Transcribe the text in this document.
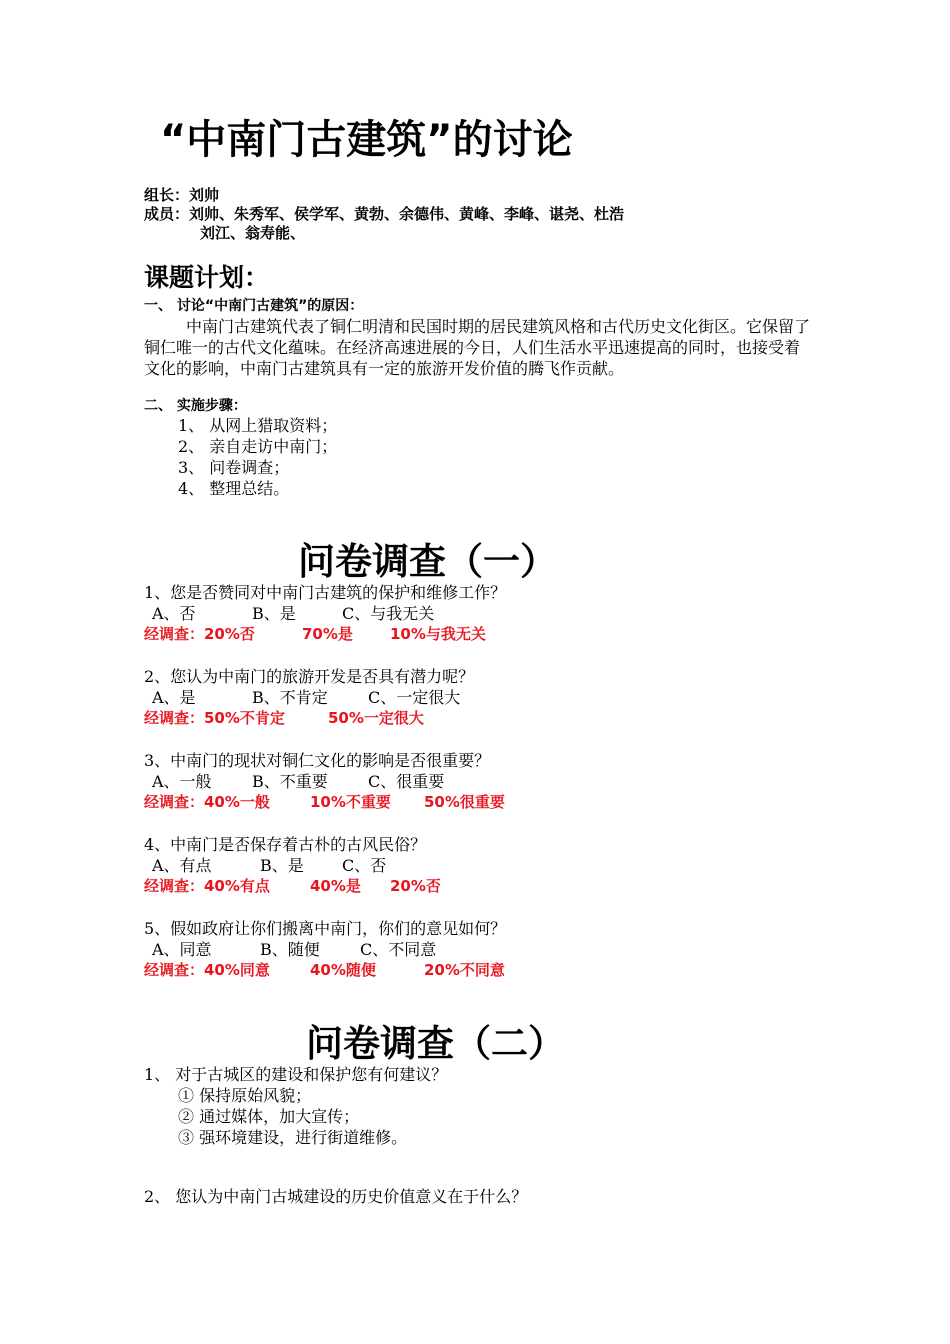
“中南门古建筑”的讨论
组长：刘帅
成员：刘帅、朱秀军、侯学军、黄勃、余德伟、黄峰、李峰、谌尧、杜浩
刘江、翁寿能、
课题计划：
一、 讨论“中南门古建筑”的原因：

中南门古建筑代表了铜仁明清和民国时期的居民建筑风格和古代历史文化街区。它保留了铜仁唯一的古代文化蕴味。在经济高速进展的今日，人们生活水平迅速提高的同时，也接受着文化的影响，中南门古建筑具有一定的旅游开发价值的腾飞作贡献。

二、 实施步骤：
1、 从网上猎取资料；
2、 亲自走访中南门；
3、 问卷调查；
4、 整理总结。
问卷调查（一）
1、您是否赞同对中南门古建筑的保护和维修工作？
A、否	B、是	C、与我无关
经调查：20%否	70%是 10%与我无关
2、您认为中南门的旅游开发是否具有潜力呢？
A、是	B、不肯定	C、一定很大
经调查：50%不肯定	50%一定很大
3、中南门的现状对铜仁文化的影响是否很重要？
A、一般	B、不重要	C、很重要
经调查：40%一般	10%不重要 50%很重要
4、中南门是否保存着古朴的古风民俗？
A、有点	B、是 C、否
经调查：40%有点	40%是 20%否
5、假如政府让你们搬离中南门，你们的意见如何？
A、同意	B、随便	C、不同意
经调查：40%同意	40%随便	20%不同意
问卷调查（二）
1、 对于古城区的建设和保护您有何建议？
① 保持原始风貌；
② 通过媒体，加大宣传；
③ 强环境建设，进行街道维修。
2、 您认为中南门古城建设的历史价值意义在于什么？
